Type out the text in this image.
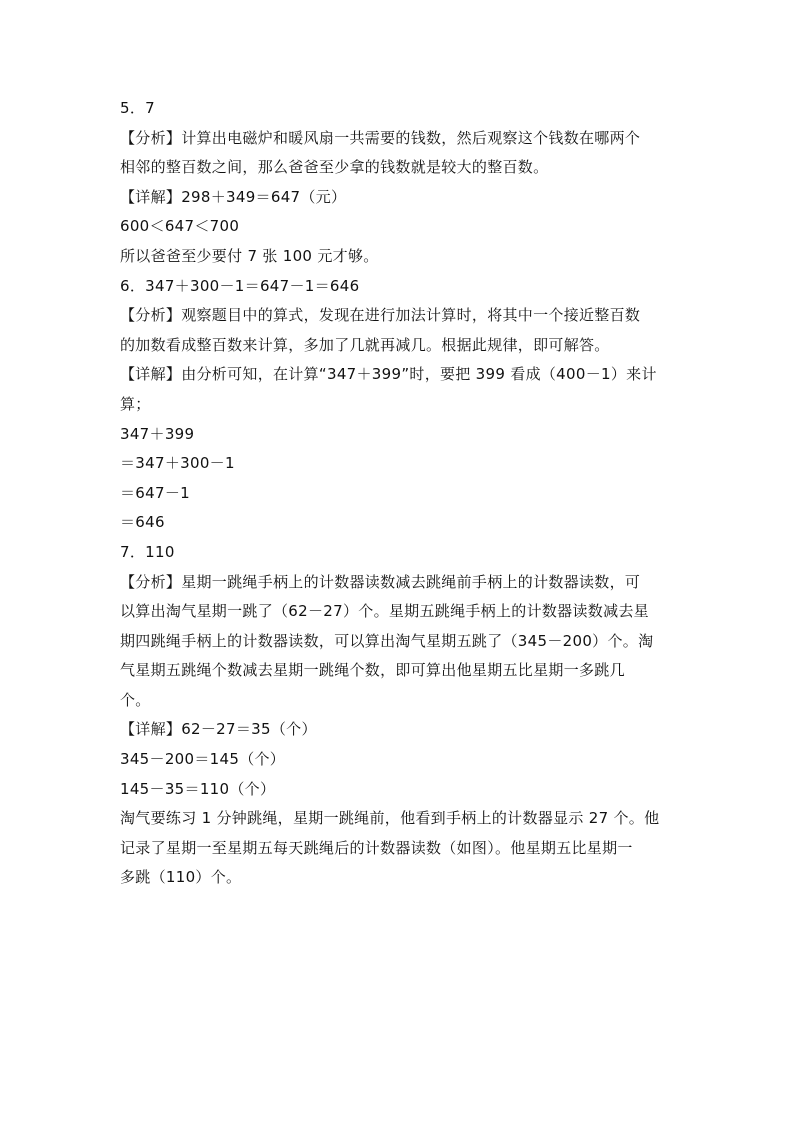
5．7
【分析】计算出电磁炉和暖风扇一共需要的钱数，然后观察这个钱数在哪两个
相邻的整百数之间，那么爸爸至少拿的钱数就是较大的整百数。
【详解】298＋349＝647（元）
600＜647＜700
所以爸爸至少要付 7 张 100 元才够。
6．347＋300－1＝647－1＝646
【分析】观察题目中的算式，发现在进行加法计算时，将其中一个接近整百数
的加数看成整百数来计算，多加了几就再减几。根据此规律，即可解答。
【详解】由分析可知，在计算“347＋399”时，要把 399 看成（400－1）来计
算；
347＋399
＝347＋300－1
＝647－1
＝646
7．110
【分析】星期一跳绳手柄上的计数器读数减去跳绳前手柄上的计数器读数，可
以算出淘气星期一跳了（62－27）个。星期五跳绳手柄上的计数器读数减去星
期四跳绳手柄上的计数器读数，可以算出淘气星期五跳了（345－200）个。淘
气星期五跳绳个数减去星期一跳绳个数，即可算出他星期五比星期一多跳几
个。
【详解】62－27＝35（个）
345－200＝145（个）
145－35＝110（个）
淘气要练习 1 分钟跳绳，星期一跳绳前，他看到手柄上的计数器显示 27 个。他
记录了星期一至星期五每天跳绳后的计数器读数（如图）。他星期五比星期一
多跳（110）个。
